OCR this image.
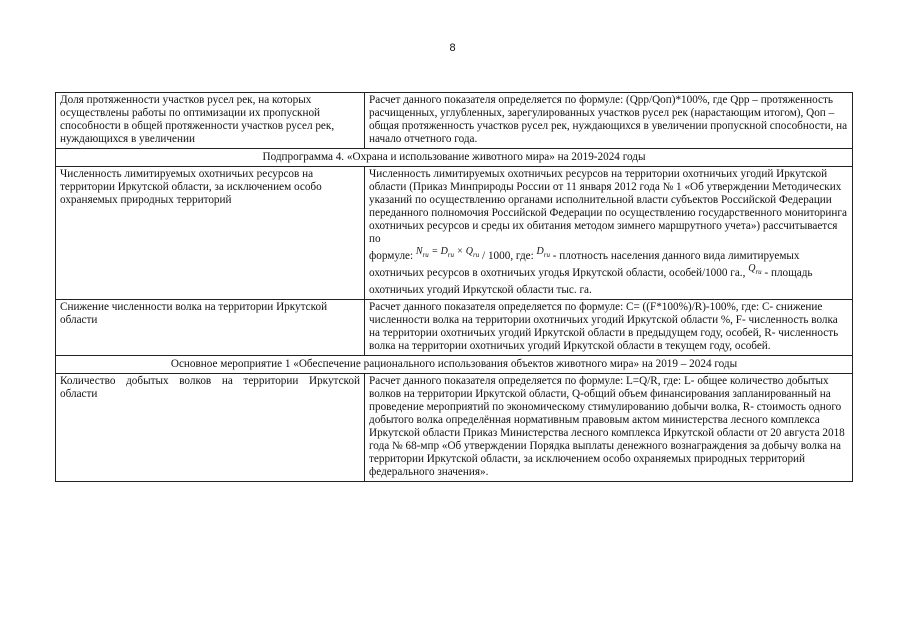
8
Доля протяженности участков русел рек, на которых осуществлены работы по оптимизации их пропускной способности в общей протяженности участков русел рек, нуждающихся в увеличении	Расчет данного показателя определяется по формуле: (Qрр/Qоп)*100%, где Qрр – протяженность расчищенных, углубленных, зарегулированных участков русел рек (нарастающим итогом), Qоп – общая протяженность участков русел рек, нуждающихся в увеличении пропускной способности, на начало отчетного года.
Подпрограмма 4. «Охрана и использование животного мира» на 2019-2024 годы	
Численность лимитируемых охотничьих ресурсов на территории Иркутской области, за исключением особо охраняемых природных территорий	Численность лимитируемых охотничьих ресурсов на территории охотничьих угодий Иркутской области (Приказ Минприроды России от 11 января 2012 года № 1 «Об утверждении Методических указаний по осуществлению органами исполнительной власти субъектов Российской Федерации переданного полномочия Российской Федерации по осуществлению государственного мониторинга охотничьих ресурсов и среды их обитания методом зимнего маршрутного учета») рассчитывается по
формуле: $N_{ru} = D_{ru} \times Q_{ru} / 1000$, где: $D_{ru}$ - плотность населения данного вида лимитируемых охотничьих ресурсов в охотничьих угодья Иркутской области, особей/1000 га., $Q_{ru}$ - площадь охотничьих угодий Иркутской области тыс. га.

Снижение численности волка на территории Иркутской области	Расчет данного показателя определяется по формуле: С= ((F*100%)/R)-100%, где: С- снижение численности волка на территории охотничьих угодий Иркутской области %, F- численность волка на территории охотничьих угодий Иркутской области в предыдущем году, особей, R- численность волка на территории охотничьих угодий Иркутской области в текущем году, особей.
Основное мероприятие 1 «Обеспечение рационального использования объектов животного мира» на 2019 – 2024 годы	
Количество добытых волков на территории Иркутской области	Расчет данного показателя определяется по формуле: L=Q/R, где: L- общее количество добытых волков на территории Иркутской области, Q-общий объем финансирования запланированный на проведение мероприятий по экономическому стимулированию добычи волка, R- стоимость одного добытого волка определённая нормативным правовым актом министерства лесного комплекса Иркутской области Приказ Министерства лесного комплекса Иркутской области от 20 августа 2018 года № 68-мпр «Об утверждении Порядка выплаты денежного вознаграждения за добычу волка на территории Иркутской области, за исключением особо охраняемых природных территорий федерального значения».
